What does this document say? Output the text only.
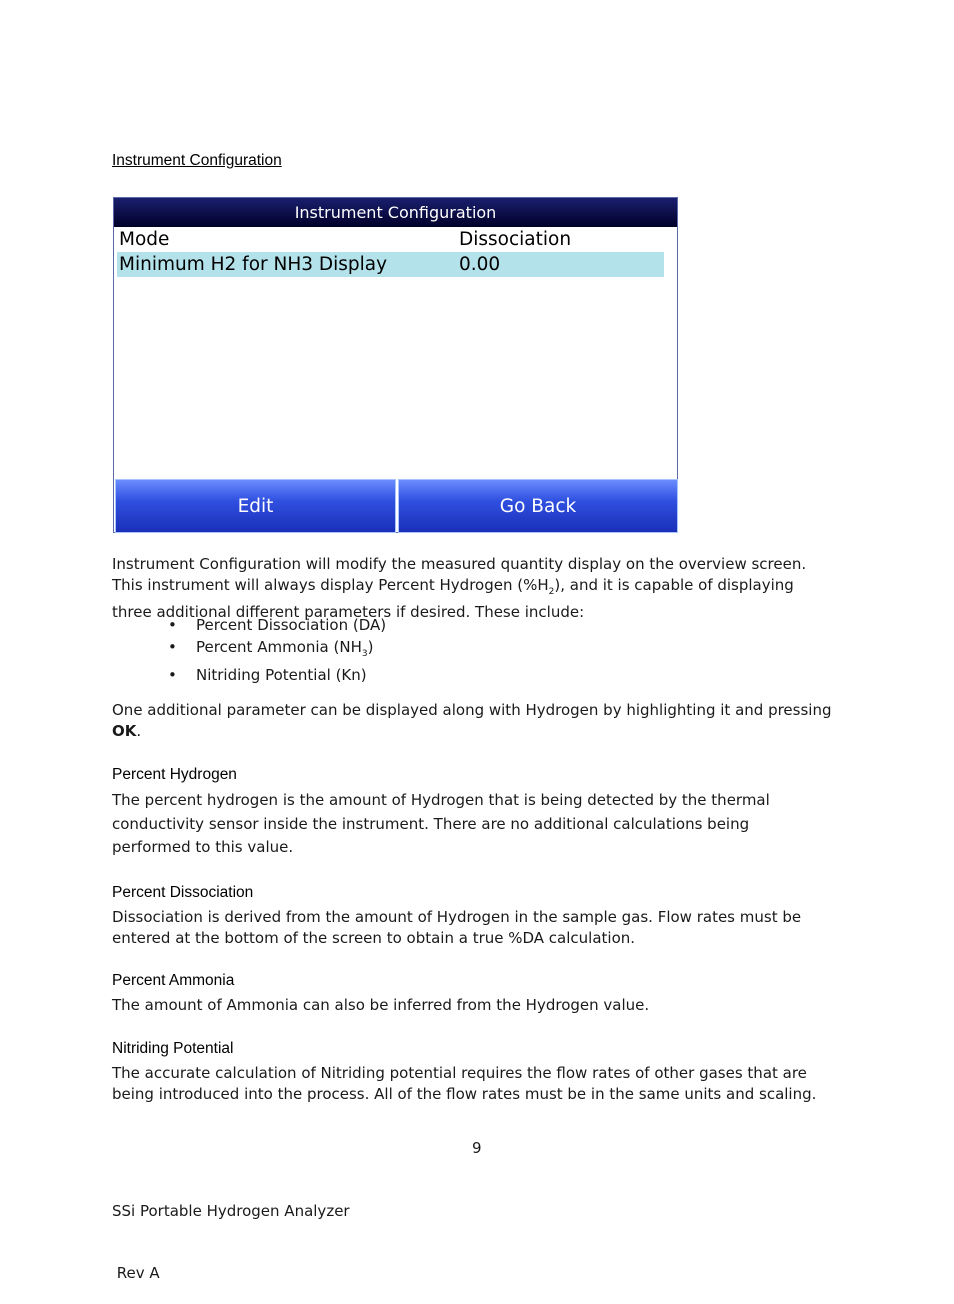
Instrument Configuration
Instrument Configuration
Mode	Dissociation
Minimum H2 for NH3 Display	0.00
Edit	Go Back
Instrument Configuration will modify the measured quantity display on the overview screen.
This instrument will always display Percent Hydrogen $(\%H_2)$, and it is capable of displaying
three additional different parameters if desired. These include:
• Percent Dissociation (DA)
• Percent Ammonia $(NH_3)$
• Nitriding Potential (Kn)
One additional parameter can be displayed along with Hydrogen by highlighting it and pressing
OK.
Percent Hydrogen
The percent hydrogen is the amount of Hydrogen that is being detected by the thermal
conductivity sensor inside the instrument. There are no additional calculations being
performed to this value.
Percent Dissociation
Dissociation is derived from the amount of Hydrogen in the sample gas. Flow rates must be
entered at the bottom of the screen to obtain a true %DA calculation.
Percent Ammonia
The amount of Ammonia can also be inferred from the Hydrogen value.
Nitriding Potential
The accurate calculation of Nitriding potential requires the flow rates of other gases that are
being introduced into the process. All of the flow rates must be in the same units and scaling.
9

SSi Portable Hydrogen Analyzer

Rev A
